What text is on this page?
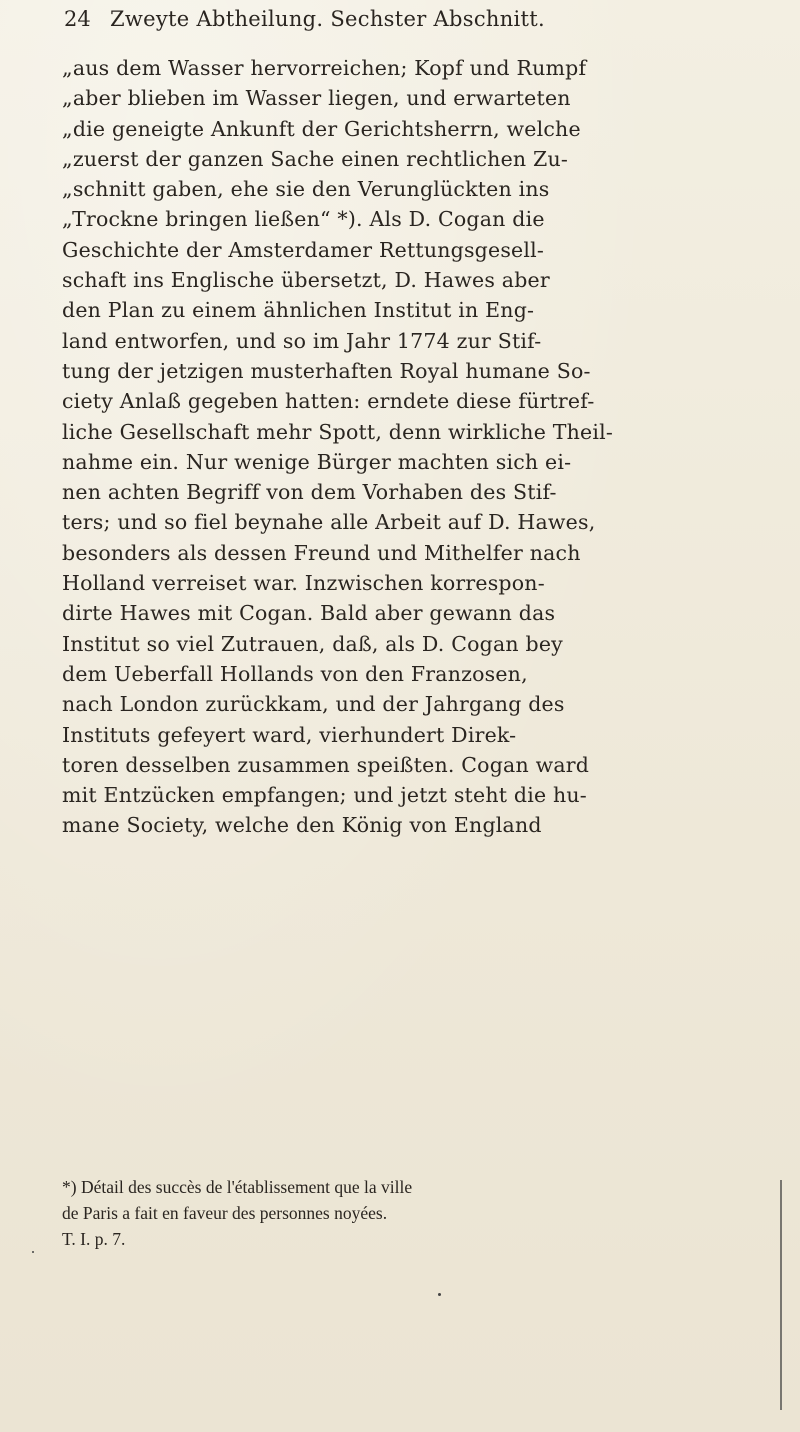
24 Zweyte Abtheilung. Sechster Abschnitt.
„aus dem Wasser hervorreichen; Kopf und Rumpf
„aber blieben im Wasser liegen, und erwarteten
„die geneigte Ankunft der Gerichtsherrn, welche
„zuerst der ganzen Sache einen rechtlichen Zu-
„schnitt gaben, ehe sie den Verunglückten ins
„Trockne bringen ließen“ *). Als D. Cogan die
Geschichte der Amsterdamer Rettungsgesell-
schaft ins Englische übersetzt, D. Hawes aber
den Plan zu einem ähnlichen Institut in Eng-
land entworfen, und so im Jahr 1774 zur Stif-
tung der jetzigen musterhaften Royal humane So-
ciety Anlaß gegeben hatten: erndete diese fürtref-
liche Gesellschaft mehr Spott, denn wirkliche Theil-
nahme ein. Nur wenige Bürger machten sich ei-
nen achten Begriff von dem Vorhaben des Stif-
ters; und so fiel beynahe alle Arbeit auf D. Hawes,
besonders als dessen Freund und Mithelfer nach
Holland verreiset war. Inzwischen korrespon-
dirte Hawes mit Cogan. Bald aber gewann das
Institut so viel Zutrauen, daß, als D. Cogan bey
dem Ueberfall Hollands von den Franzosen,
nach London zurückkam, und der Jahrgang des
Instituts gefeyert ward, vierhundert Direk-
toren desselben zusammen speißten. Cogan ward
mit Entzücken empfangen; und jetzt steht die hu-
mane Society, welche den König von England
*) Détail des succès de l'établissement que la ville
de Paris a fait en faveur des personnes noyées.
T. I. p. 7.
